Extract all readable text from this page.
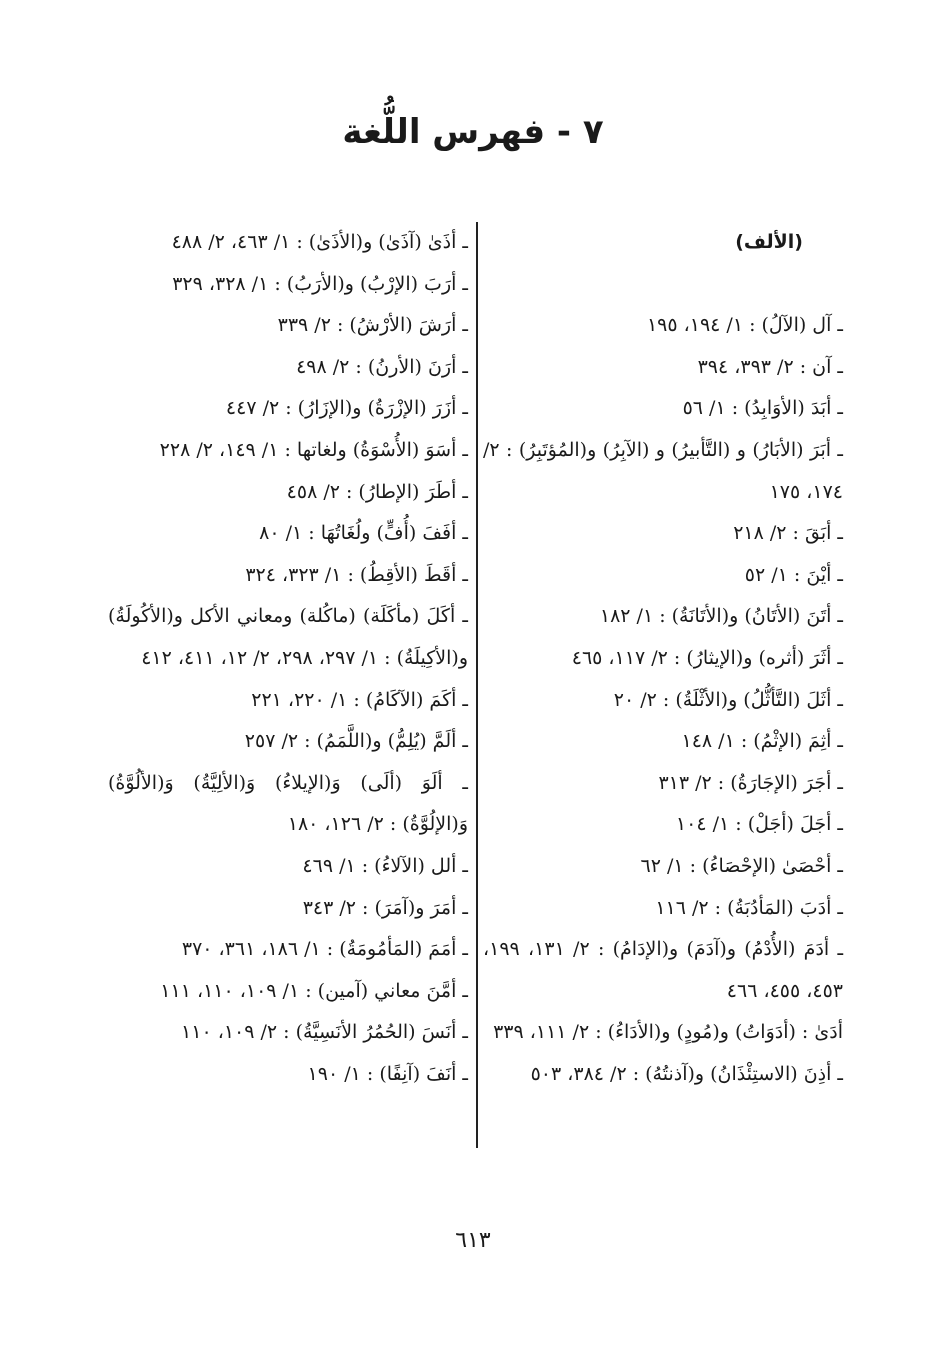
٧ - فهرس اللُّغة

(الألف)

ـ آل (الآلُ) : ١/ ١٩٤، ١٩٥

ـ آن : ٢/ ٣٩٣، ٣٩٤

ـ أبَدَ (الأوَابِدُ) : ١/ ٥٦

ـ أبَرَ (الأبَارُ) و (التَّأبيرُ) و (الآبِرُ) و(المُؤتَبِرُ) : ٢/ ١٧٤، ١٧٥

ـ أبَقَ : ٢/ ٢١٨

ـ أيْنَ : ١/ ٥٢

ـ أتَنَ (الأتَانُ) و(الأتَانَةُ) : ١/ ١٨٢

ـ أثَرَ (أثره) و(الإيثارُ) : ٢/ ١١٧، ٤٦٥

ـ أثَلَ (التَّأثُّلُ) و(الأثْلَةُ) : ٢/ ٢٠

ـ أثِمَ (الإثْمُ) : ١/ ١٤٨

ـ أجَرَ (الإجَارَةُ) : ٢/ ٣١٣

ـ أجَلَ (أجَلْ) : ١/ ١٠٤

ـ أحْصَىٰ (الإحْصَاءُ) : ١/ ٦٢

ـ أدَبَ (المَأدُبَةُ) : ٢/ ١١٦

ـ أدَمَ (الأُدْمُ) و(آدَمَ) و(الإدَامُ) : ٢/ ١٣١، ١٩٩، ٤٥٣، ٤٥٥، ٤٦٦

أدَىٰ : (أدَوَاتُ) و(مُودٍ) و(الأدَاءُ) : ٢/ ١١١، ٣٣٩

ـ أذِنَ (الاستِئْذَانُ) و(آذنتُهُ) : ٢/ ٣٨٤، ٥٠٣

ـ أذَىٰ (آذَىٰ) و(الأذَىٰ) : ١/ ٤٦٣، ٢/ ٤٨٨

ـ أرَبَ (الإرْبُ) و(الأرَبُ) : ١/ ٣٢٨، ٣٢٩

ـ أرَشَ (الأرْشُ) : ٢/ ٣٣٩

ـ أرَنَ (الأرنُ) : ٢/ ٤٩٨

ـ أزَرَ (الإزْرَةُ) و(الإزَارُ) : ٢/ ٤٤٧

ـ أسَوَ (الأُسْوَةُ) ولغاتها : ١/ ١٤٩، ٢/ ٢٢٨

ـ أطَرَ (الإطارُ) : ٢/ ٤٥٨

ـ أفَفَ (أُفٍّ) ولُغَاتُهَا : ١/ ٨٠

ـ أقَطَ (الأقِطُ) : ١/ ٣٢٣، ٣٢٤

ـ أكَلَ (مأكَلَة) (ماكُلة) ومعاني الأكل و(الأكُولَةُ) و(الأكِيلَةُ) : ١/ ٢٩٧، ٢٩٨، ٢/ ١٢، ٤١١، ٤١٢

ـ أكَمَ (الآكَامُ) : ١/ ٢٢٠، ٢٢١

ـ ألَمَّ (يُلِمُّ) و(اللَّمَمُ) : ٢/ ٢٥٧

ـ ألَوَ (ألَى) وَ(الإيلاءُ) وَ(الألِيَّةُ) وَ(الألُوَّةُ) وَ(الإلُوَّةُ) : ٢/ ١٢٦، ١٨٠

ـ ألل (الآلاءُ) : ١/ ٤٦٩

ـ أمَرَ و(آمَرَ) : ٢/ ٣٤٣

ـ أمَمَ (المَأمُومَةُ) : ١/ ١٨٦، ٣٦١، ٣٧٠

ـ أمَّنَ معاني (آمين) : ١/ ١٠٩، ١١٠، ١١١

ـ أنَسَ (الحُمُرُ الأنَسِيَّةُ) : ٢/ ١٠٩، ١١٠

ـ أنَفَ (آنِفًا) : ١/ ١٩٠

٦١٣
